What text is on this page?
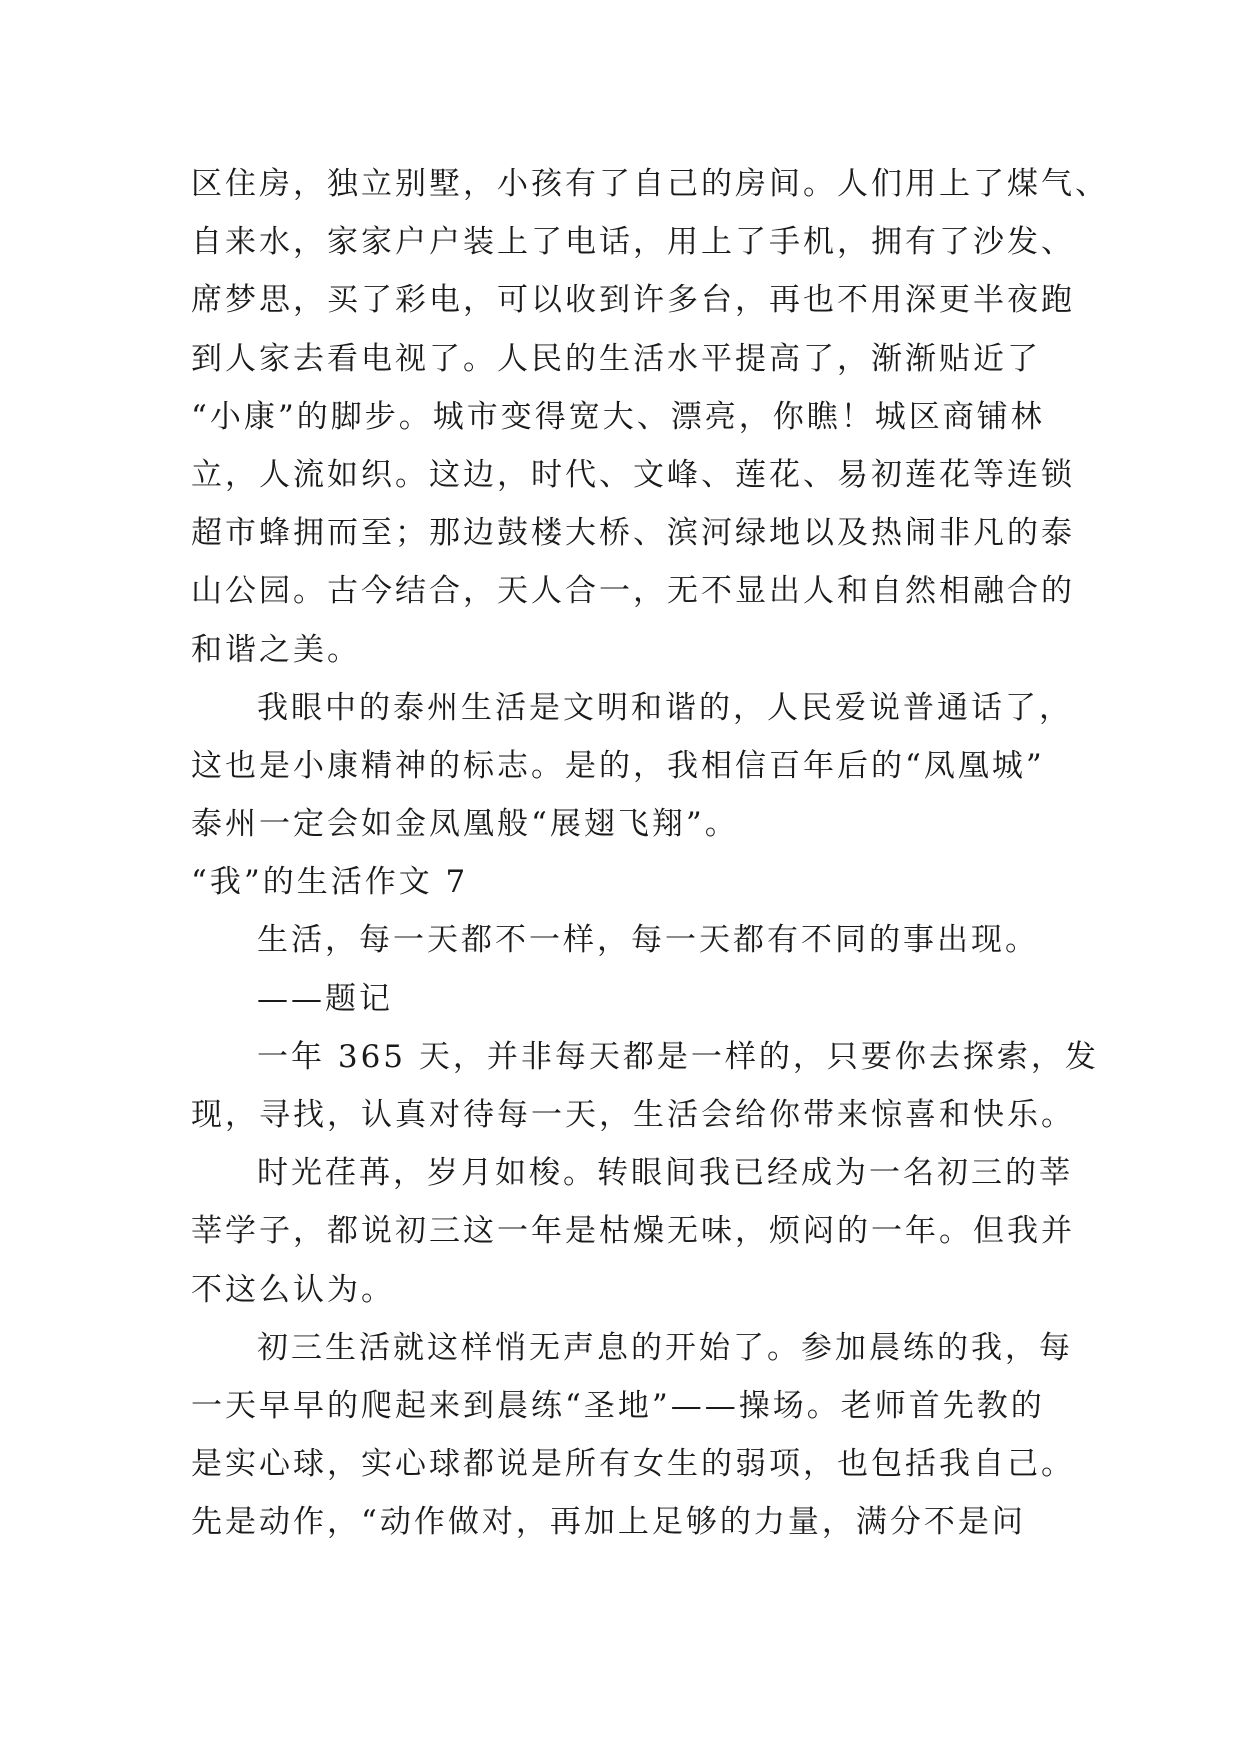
区住房，独立别墅，小孩有了自己的房间。人们用上了煤气、
自来水，家家户户装上了电话，用上了手机，拥有了沙发、
席梦思，买了彩电，可以收到许多台，再也不用深更半夜跑
到人家去看电视了。人民的生活水平提高了，渐渐贴近了
“小康”的脚步。城市变得宽大、漂亮，你瞧！城区商铺林
立，人流如织。这边，时代、文峰、莲花、易初莲花等连锁
超市蜂拥而至；那边鼓楼大桥、滨河绿地以及热闹非凡的泰
山公园。古今结合，天人合一，无不显出人和自然相融合的
和谐之美。
我眼中的泰州生活是文明和谐的，人民爱说普通话了，
这也是小康精神的标志。是的，我相信百年后的“凤凰城”
泰州一定会如金凤凰般“展翅飞翔”。
“我”的生活作文 7
生活，每一天都不一样，每一天都有不同的事出现。
——题记
一年 365 天，并非每天都是一样的，只要你去探索，发
现，寻找，认真对待每一天，生活会给你带来惊喜和快乐。
时光荏苒，岁月如梭。转眼间我已经成为一名初三的莘
莘学子，都说初三这一年是枯燥无味，烦闷的一年。但我并
不这么认为。
初三生活就这样悄无声息的开始了。参加晨练的我，每
一天早早的爬起来到晨练“圣地”——操场。老师首先教的
是实心球，实心球都说是所有女生的弱项，也包括我自己。
先是动作，“动作做对，再加上足够的力量，满分不是问
